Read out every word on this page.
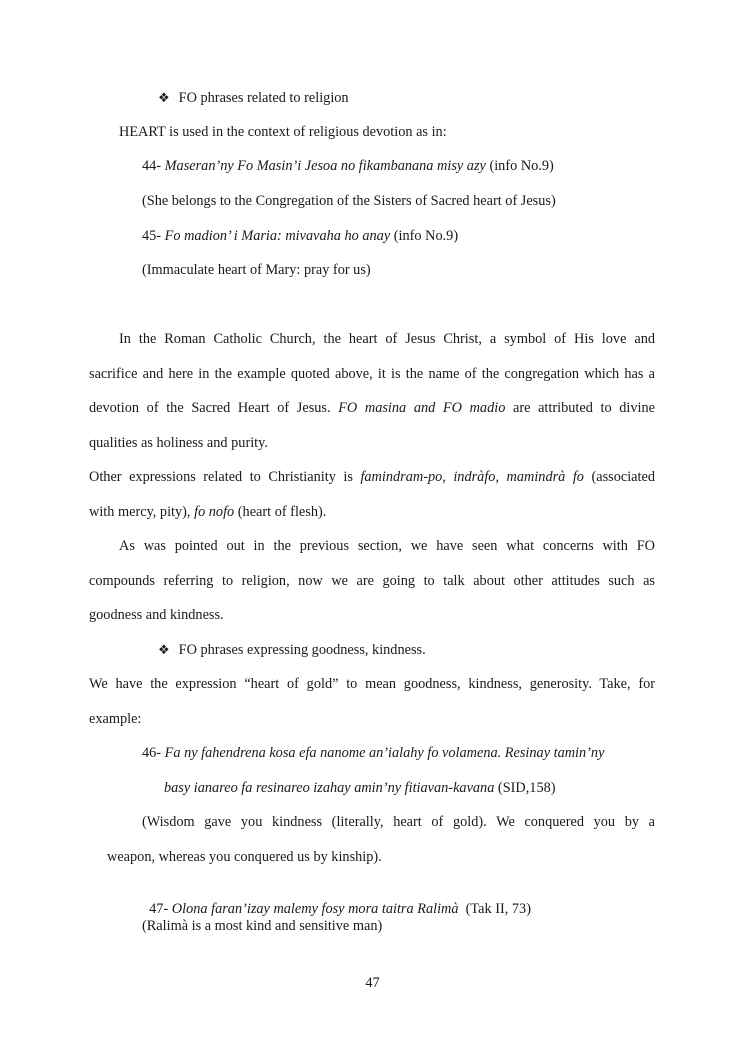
❖ FO phrases related to religion
HEART is used in the context of religious devotion as in:
44- Maseran’ny Fo Masin’i Jesoa no fikambanana misy azy (info No.9)
(She belongs to the Congregation of the Sisters of Sacred heart of Jesus)
45- Fo madion’ i Maria: mivavaha ho anay (info No.9)
(Immaculate heart of Mary: pray for us)
In the Roman Catholic Church, the heart of Jesus Christ, a symbol of His love and
sacrifice and here in the example quoted above, it is the name of the congregation which has a
devotion of the Sacred Heart of Jesus. FO masina and FO madio are attributed to divine
qualities as holiness and purity.
Other expressions related to Christianity is famindram-po, indràfo, mamindrà fo (associated
with mercy, pity), fo nofo (heart of flesh).
As was pointed out in the previous section, we have seen what concerns with FO
compounds referring to religion, now we are going to talk about other attitudes such as
goodness and kindness.
❖ FO phrases expressing goodness, kindness.
We have the expression “heart of gold” to mean goodness, kindness, generosity. Take, for
example:
46- Fa ny fahendrena kosa efa nanome an’ialahy fo volamena. Resinay tamin’ny
basy ianareo fa resinareo izahay amin’ny fitiavan-kavana (SID,158)
(Wisdom gave you kindness (literally, heart of gold). We conquered you by a
weapon, whereas you conquered us by kinship).

47- Olona faran’izay malemy fosy mora taitra Ralimà  (Tak II, 73)

(Ralimà is a most kind and sensitive man)
47
